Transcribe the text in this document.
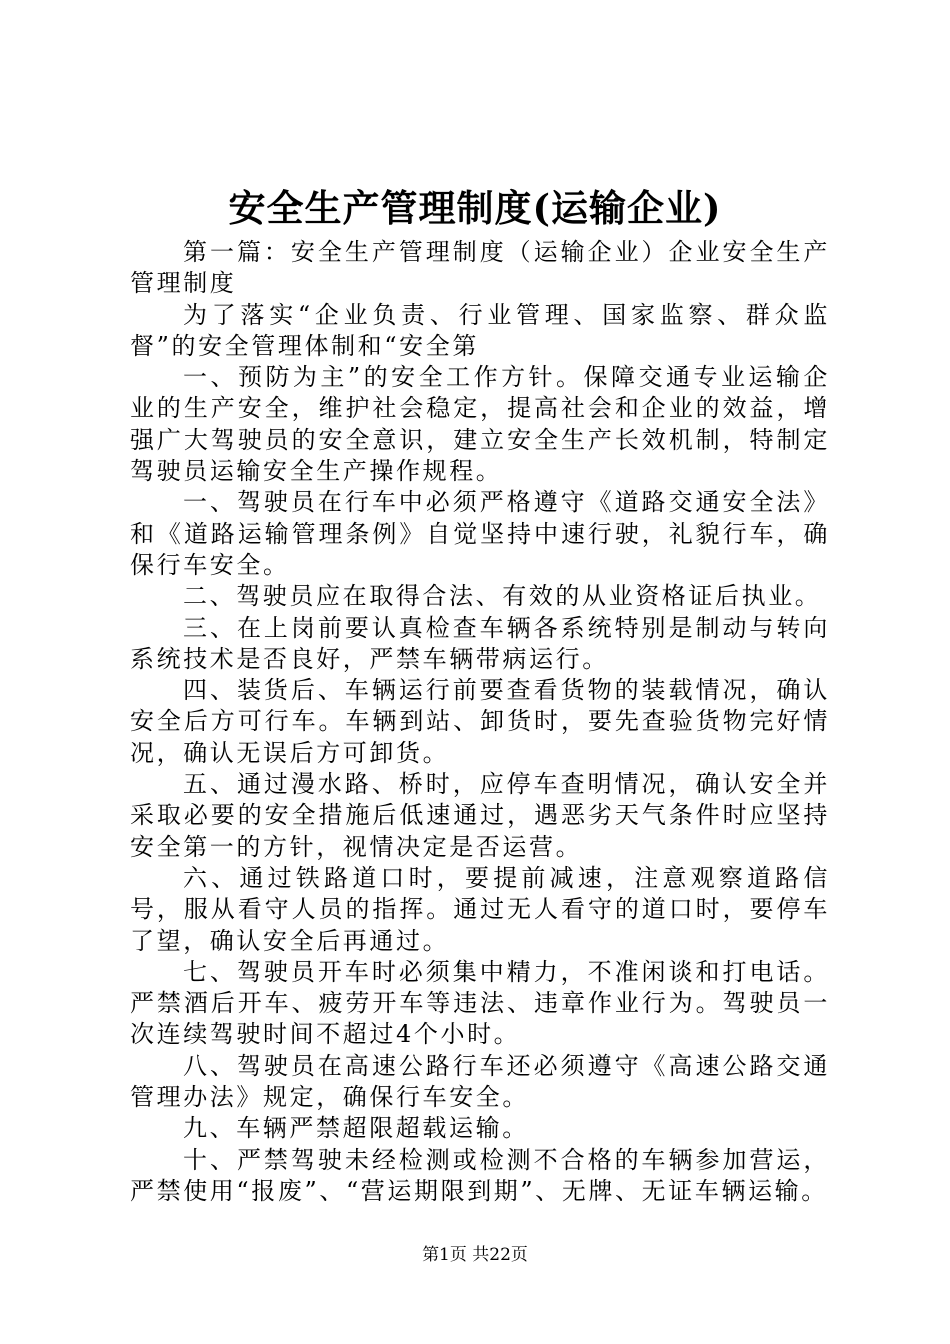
安全生产管理制度(运输企业)

第一篇：安全生产管理制度（运输企业）企业安全生产管理制度

为了落实“企业负责、行业管理、国家监察、群众监督”的安全管理体制和“安全第

一、预防为主”的安全工作方针。保障交通专业运输企业的生产安全，维护社会稳定，提高社会和企业的效益，增强广大驾驶员的安全意识，建立安全生产长效机制，特制定驾驶员运输安全生产操作规程。

一、驾驶员在行车中必须严格遵守《道路交通安全法》和《道路运输管理条例》自觉坚持中速行驶，礼貌行车，确保行车安全。

二、驾驶员应在取得合法、有效的从业资格证后执业。

三、在上岗前要认真检查车辆各系统特别是制动与转向系统技术是否良好，严禁车辆带病运行。

四、装货后、车辆运行前要查看货物的装载情况，确认安全后方可行车。车辆到站、卸货时，要先查验货物完好情况，确认无误后方可卸货。

五、通过漫水路、桥时，应停车查明情况，确认安全并采取必要的安全措施后低速通过，遇恶劣天气条件时应坚持安全第一的方针，视情决定是否运营。

六、通过铁路道口时，要提前减速，注意观察道路信号，服从看守人员的指挥。通过无人看守的道口时，要停车了望，确认安全后再通过。

七、驾驶员开车时必须集中精力，不准闲谈和打电话。严禁酒后开车、疲劳开车等违法、违章作业行为。驾驶员一次连续驾驶时间不超过4个小时。

八、驾驶员在高速公路行车还必须遵守《高速公路交通管理办法》规定，确保行车安全。

九、车辆严禁超限超载运输。

十、严禁驾驶未经检测或检测不合格的车辆参加营运，严禁使用“报废”、“营运期限到期”、无牌、无证车辆运输。

第1页 共22页
